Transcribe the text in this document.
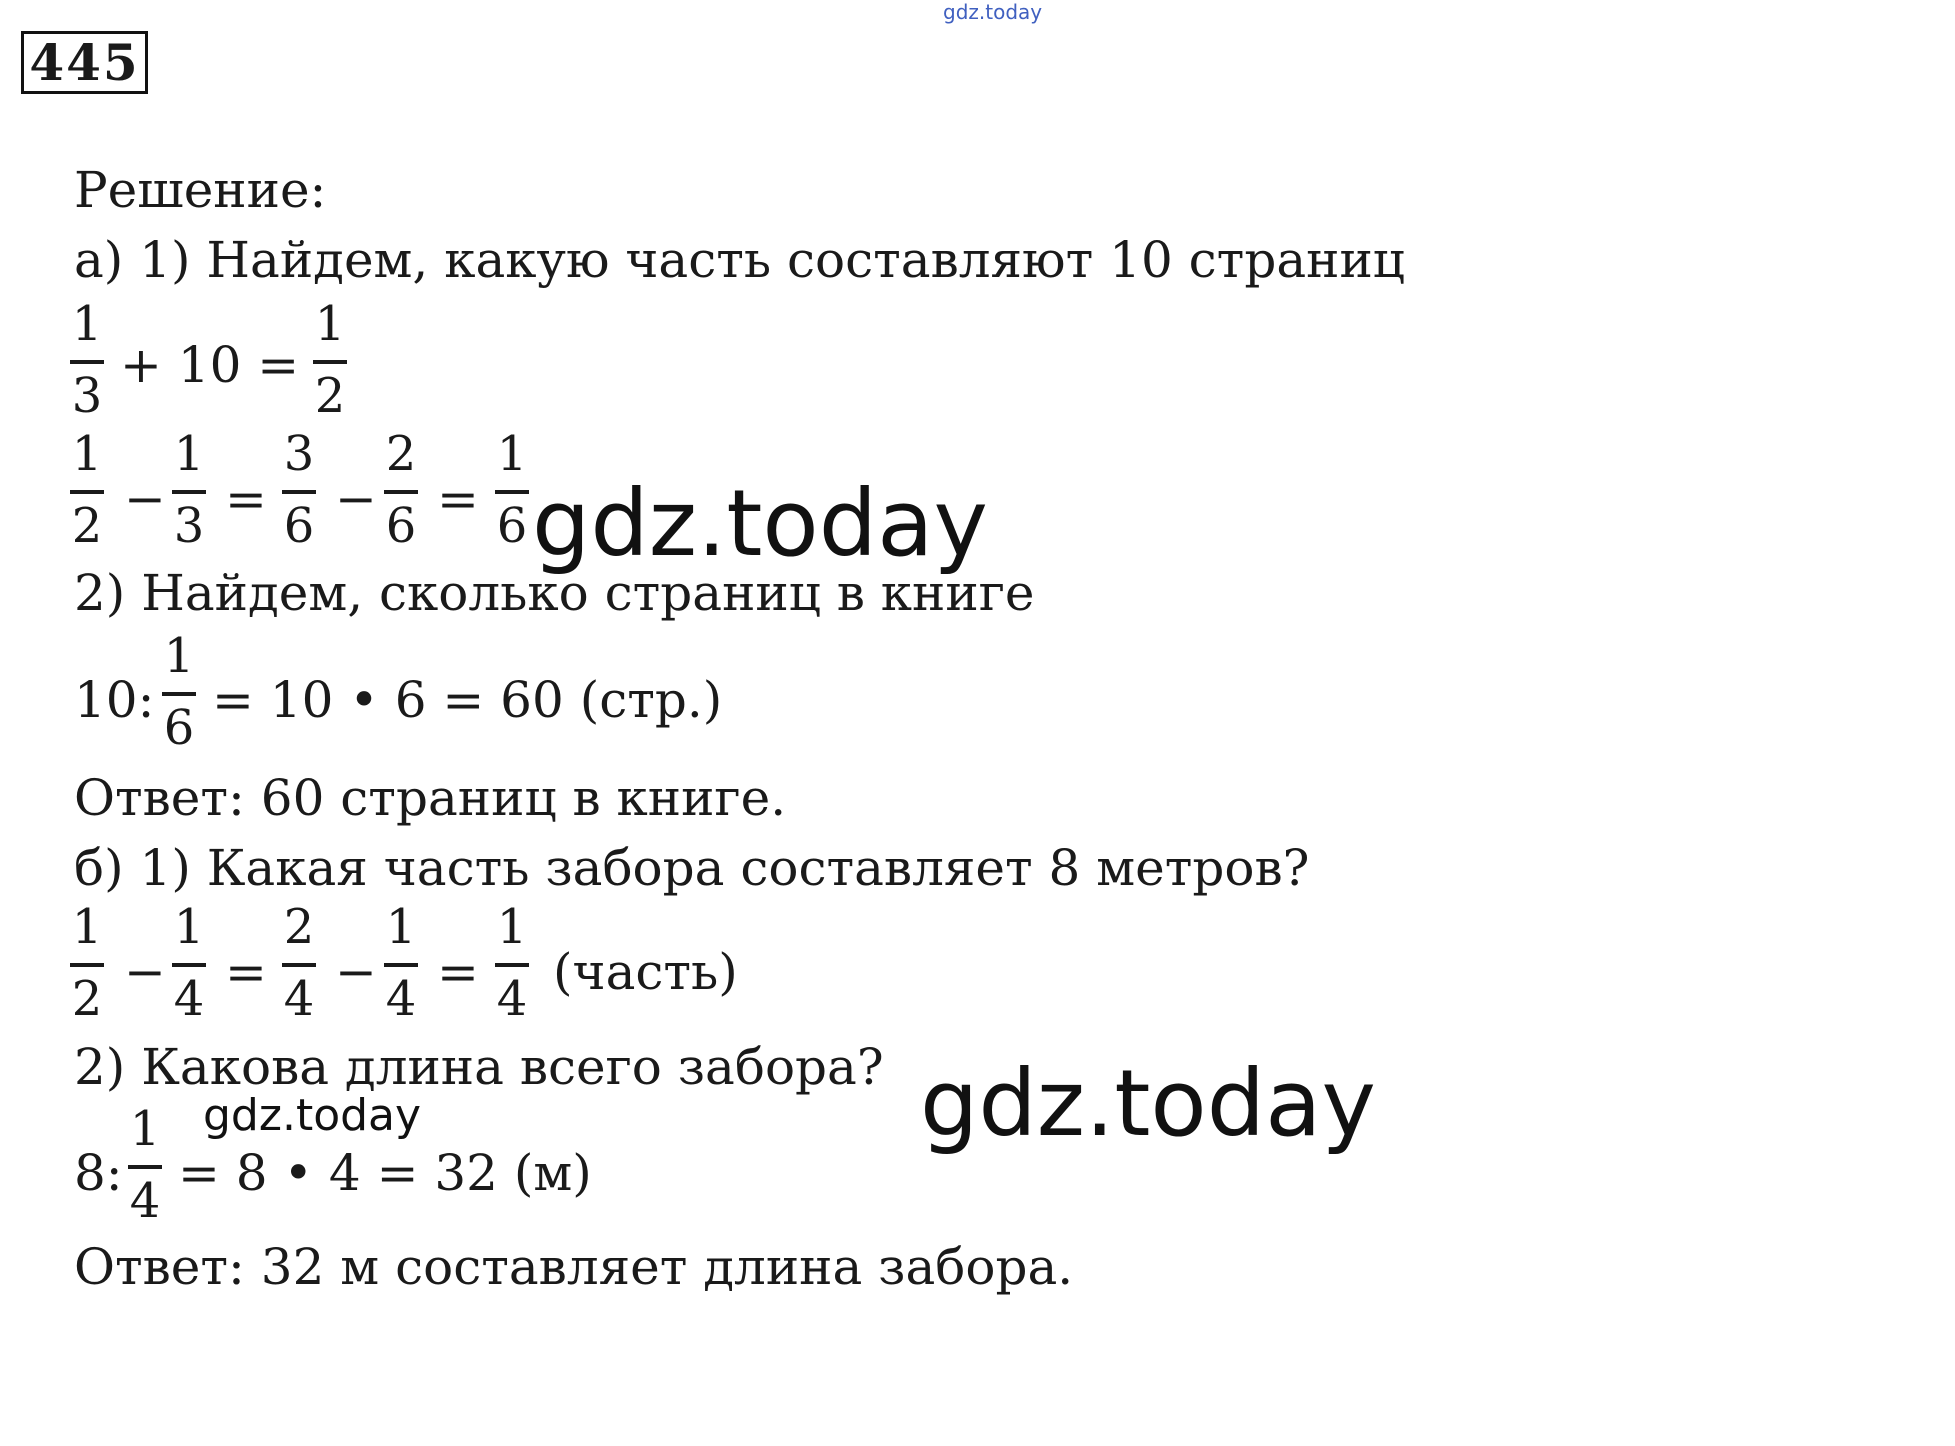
gdz.today
445
Решение:
а) 1) Найдем, какую часть составляют 10 страниц
1
3
+ 10 =
1
2
1
2 −
1
3 =
3
6 −
2
6 =
1
6
2) Найдем, сколько страниц в книге
10:
1
6 = 10 • 6 = 60 (стр.)
Ответ: 60 страниц в книге.
б) 1) Какая часть забора составляет 8 метров?
1
2 −
1
4 =
2
4 −
1
4 =
1
4 (часть)
2) Какова длина всего забора?
8:
1
4 = 8 • 4 = 32 (м)
Ответ: 32 м составляет длина забора.
gdz.today
gdz.today	gdz.today
